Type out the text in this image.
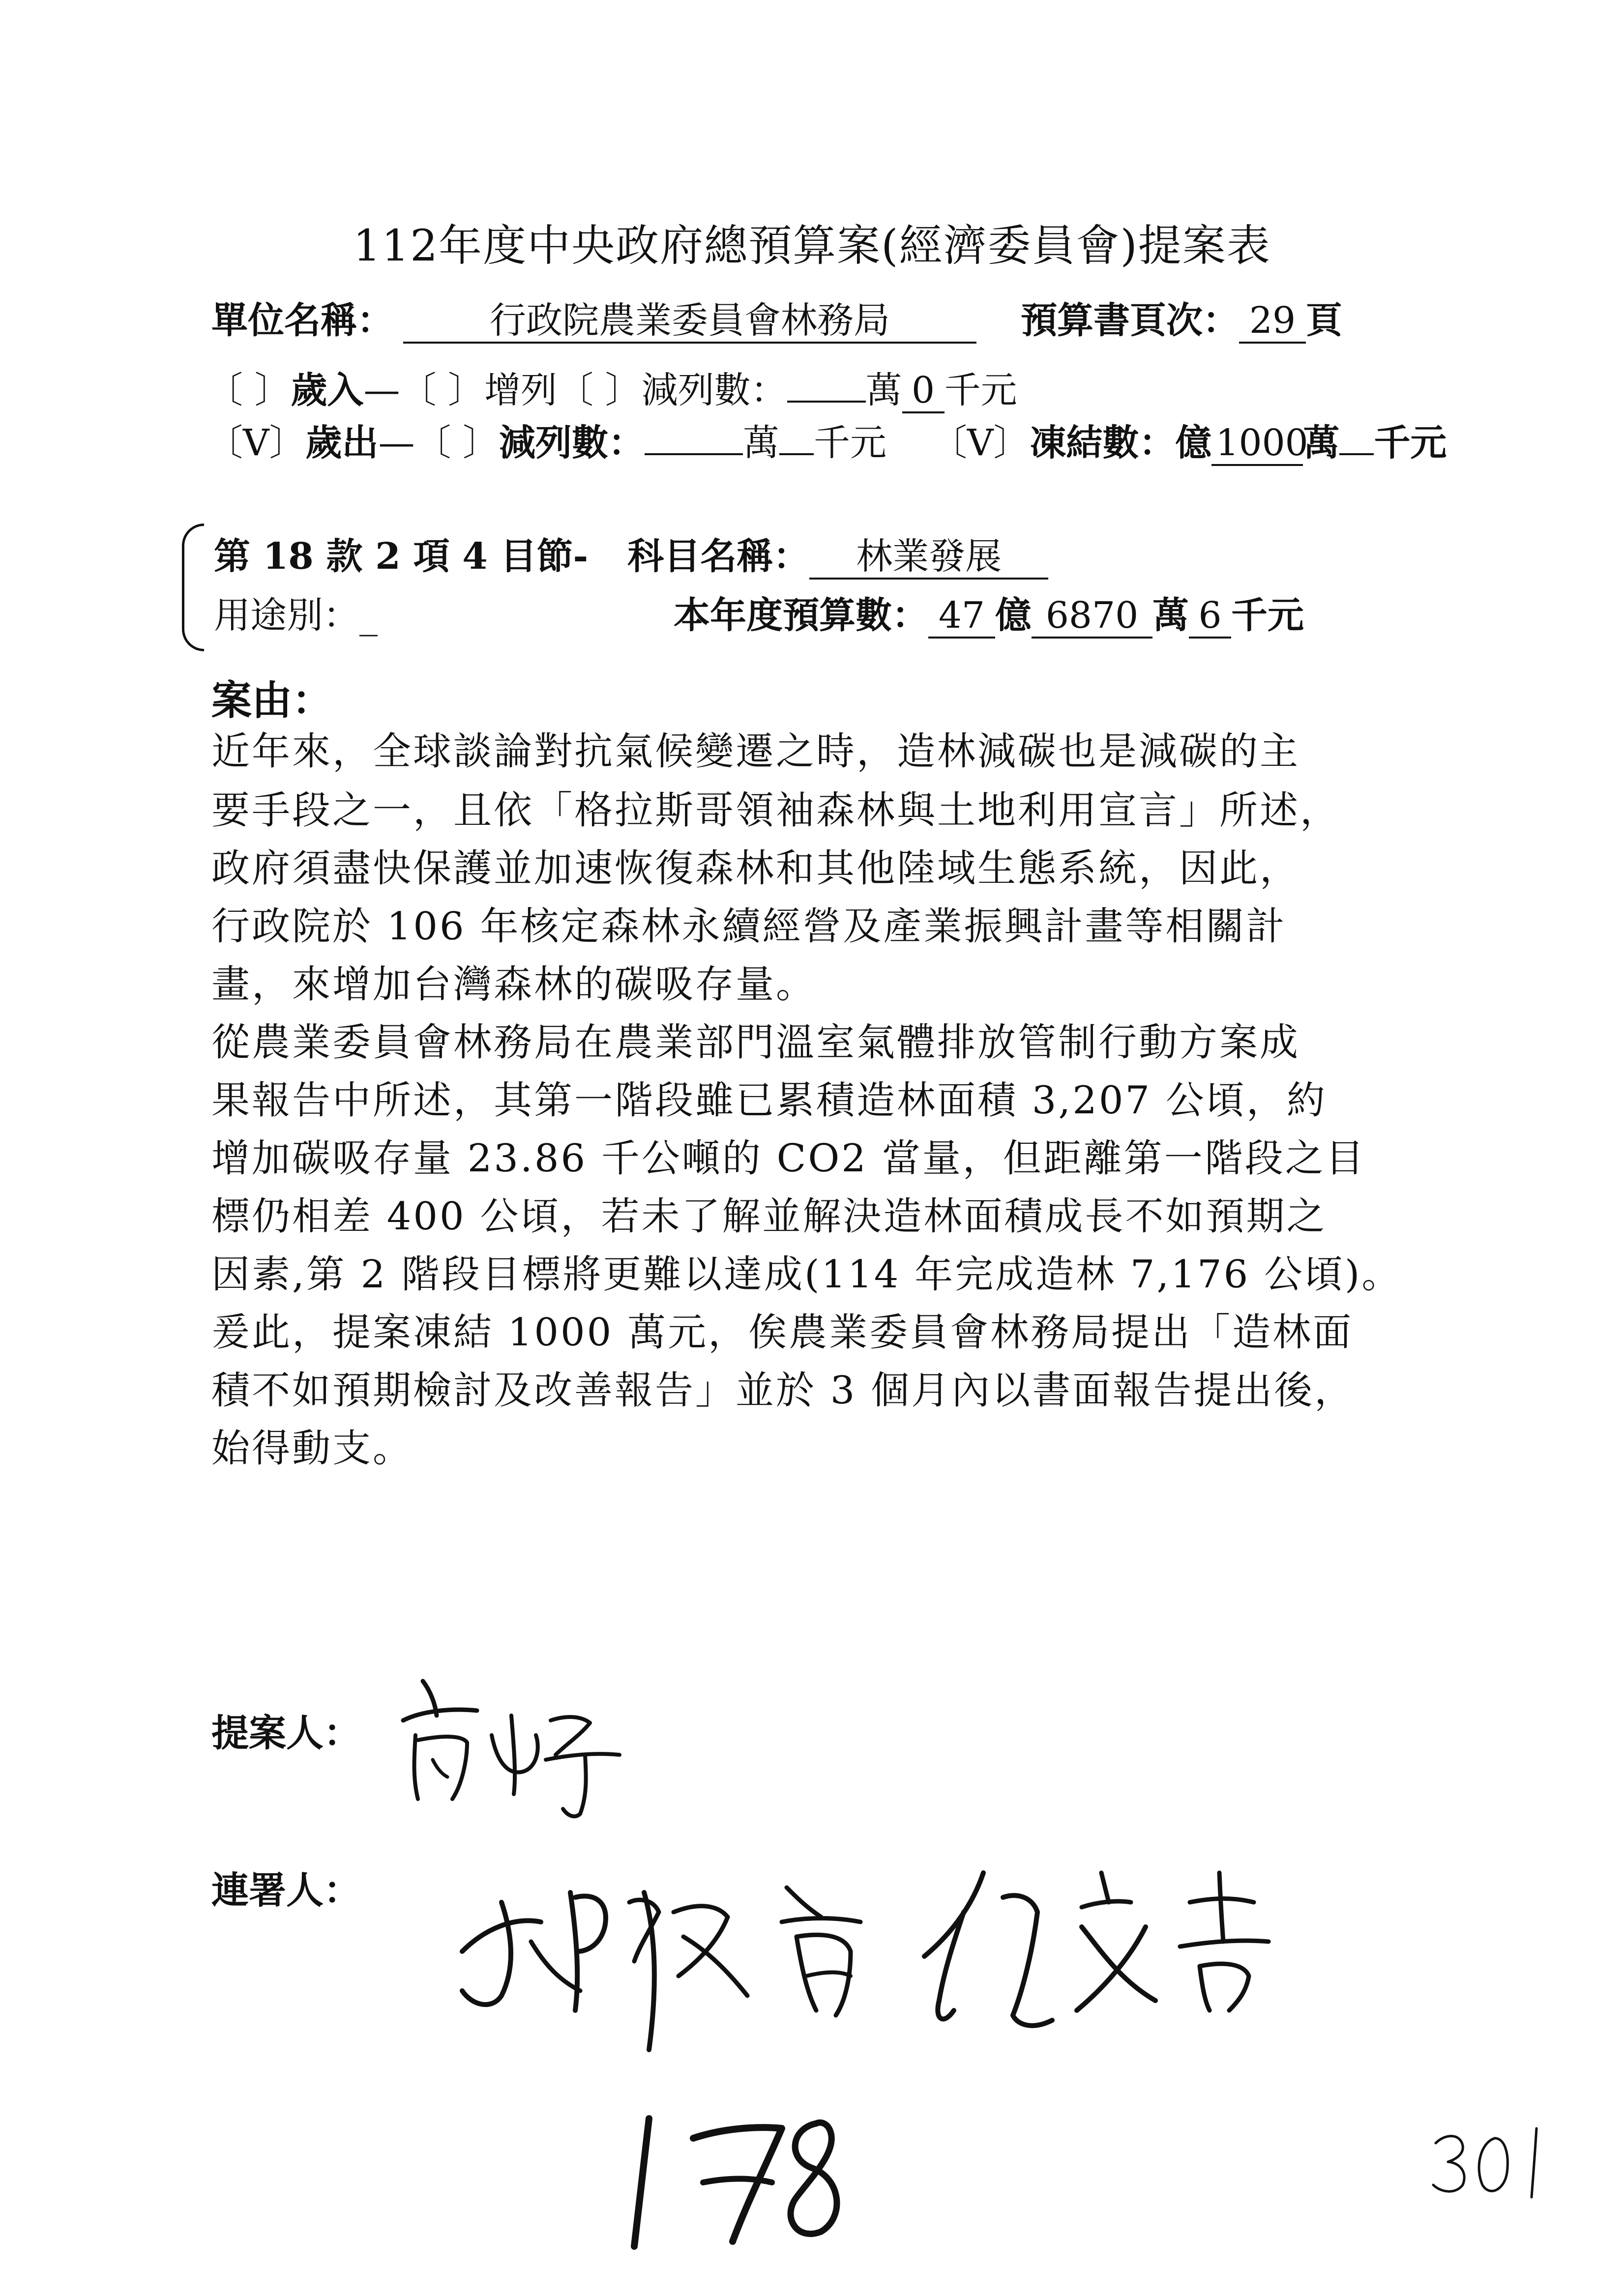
112年度中央政府總預算案(經濟委員會)提案表
單位名稱：	行政院農業委員會林務局	預算書頁次： 29 頁
〔 〕歲入—〔 〕增列〔 〕減列數： 萬 0 千元
〔V〕歲出—〔 〕減列數：	萬 千元 〔V〕凍結數：億 1000萬 千元
第 18 款 2 項 4 目節- 科目名稱： 林業發展
用途別：_	本年度預算數： 47 億 6870 萬 6 千元
案由：
近年來，全球談論對抗氣候變遷之時，造林減碳也是減碳的主
要手段之一，且依「格拉斯哥領袖森林與土地利用宣言」所述，
政府須盡快保護並加速恢復森林和其他陸域生態系統，因此，
行政院於 106 年核定森林永續經營及產業振興計畫等相關計
畫，來增加台灣森林的碳吸存量。
從農業委員會林務局在農業部門溫室氣體排放管制行動方案成
果報告中所述，其第一階段雖已累積造林面積 3,207 公頃，約
增加碳吸存量 23.86 千公噸的 CO2 當量，但距離第一階段之目
標仍相差 400 公頃，若未了解並解決造林面積成長不如預期之
因素,第 2 階段目標將更難以達成(114 年完成造林 7,176 公頃)。
爰此，提案凍結 1000 萬元，俟農業委員會林務局提出「造林面
積不如預期檢討及改善報告」並於 3 個月內以書面報告提出後，
始得動支。
提案人：
連署人：
